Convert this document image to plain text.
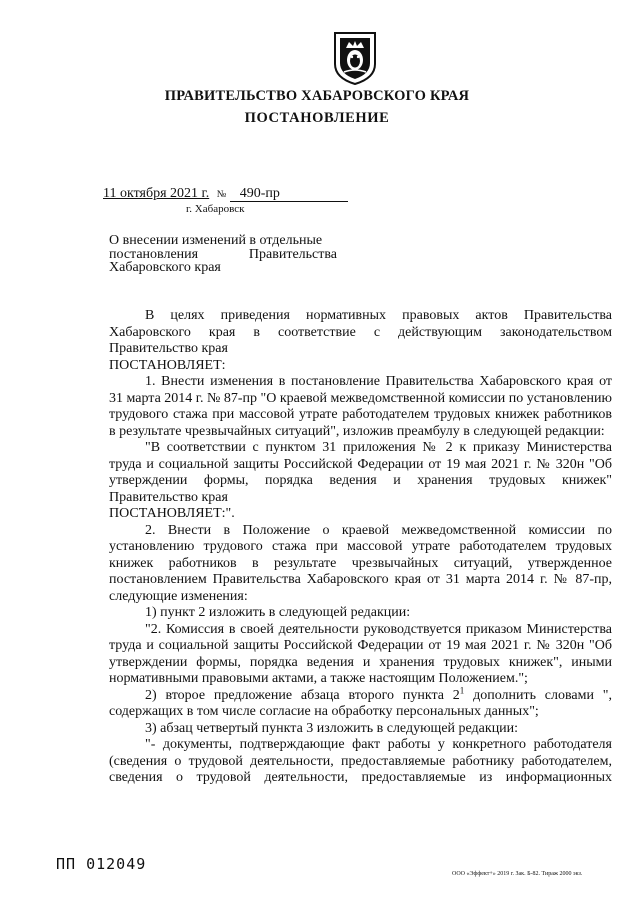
ПРАВИТЕЛЬСТВО ХАБАРОВСКОГО КРАЯ
ПОСТАНОВЛЕНИЕ
11 октября 2021 г. № 490-пр
г. Хабаровск
О внесении изменений в отдельные
постановления Правительства
Хабаровского края

В целях приведения нормативных правовых актов Правительства Хабаровского края в соответствие с действующим законодательством Правительство края

ПОСТАНОВЛЯЕТ:

1. Внести изменения в постановление Правительства Хабаровского края от 31 марта 2014 г. № 87-пр "О краевой межведомственной комиссии по установлению трудового стажа при массовой утрате работодателем трудовых книжек работников в результате чрезвычайных ситуаций", изложив преамбулу в следующей редакции:

"В соответствии с пунктом 31 приложения № 2 к приказу Министерства труда и социальной защиты Российской Федерации от 19 мая 2021 г. № 320н "Об утверждении формы, порядка ведения и хранения трудовых книжек" Правительство края

ПОСТАНОВЛЯЕТ:".

2. Внести в Положение о краевой межведомственной комиссии по установлению трудового стажа при массовой утрате работодателем трудовых книжек работников в результате чрезвычайных ситуаций, утвержденное постановлением Правительства Хабаровского края от 31 марта 2014 г. № 87-пр, следующие изменения:

1) пункт 2 изложить в следующей редакции:

"2. Комиссия в своей деятельности руководствуется приказом Министерства труда и социальной защиты Российской Федерации от 19 мая 2021 г. № 320н "Об утверждении формы, порядка ведения и хранения трудовых книжек", иными нормативными правовыми актами, а также настоящим Положением.";

2) второе предложение абзаца второго пункта $2^1$ дополнить словами ", содержащих в том числе согласие на обработку персональных данных";

3) абзац четвертый пункта 3 изложить в следующей редакции:

"- документы, подтверждающие факт работы у конкретного работодателя (сведения о трудовой деятельности, предоставляемые работнику работодателем, сведения о трудовой деятельности, предоставляемые из информационных

ПП 012049
ООО «Эффект+» 2019 г. Зак. Б-82. Тираж 2000 экз.
